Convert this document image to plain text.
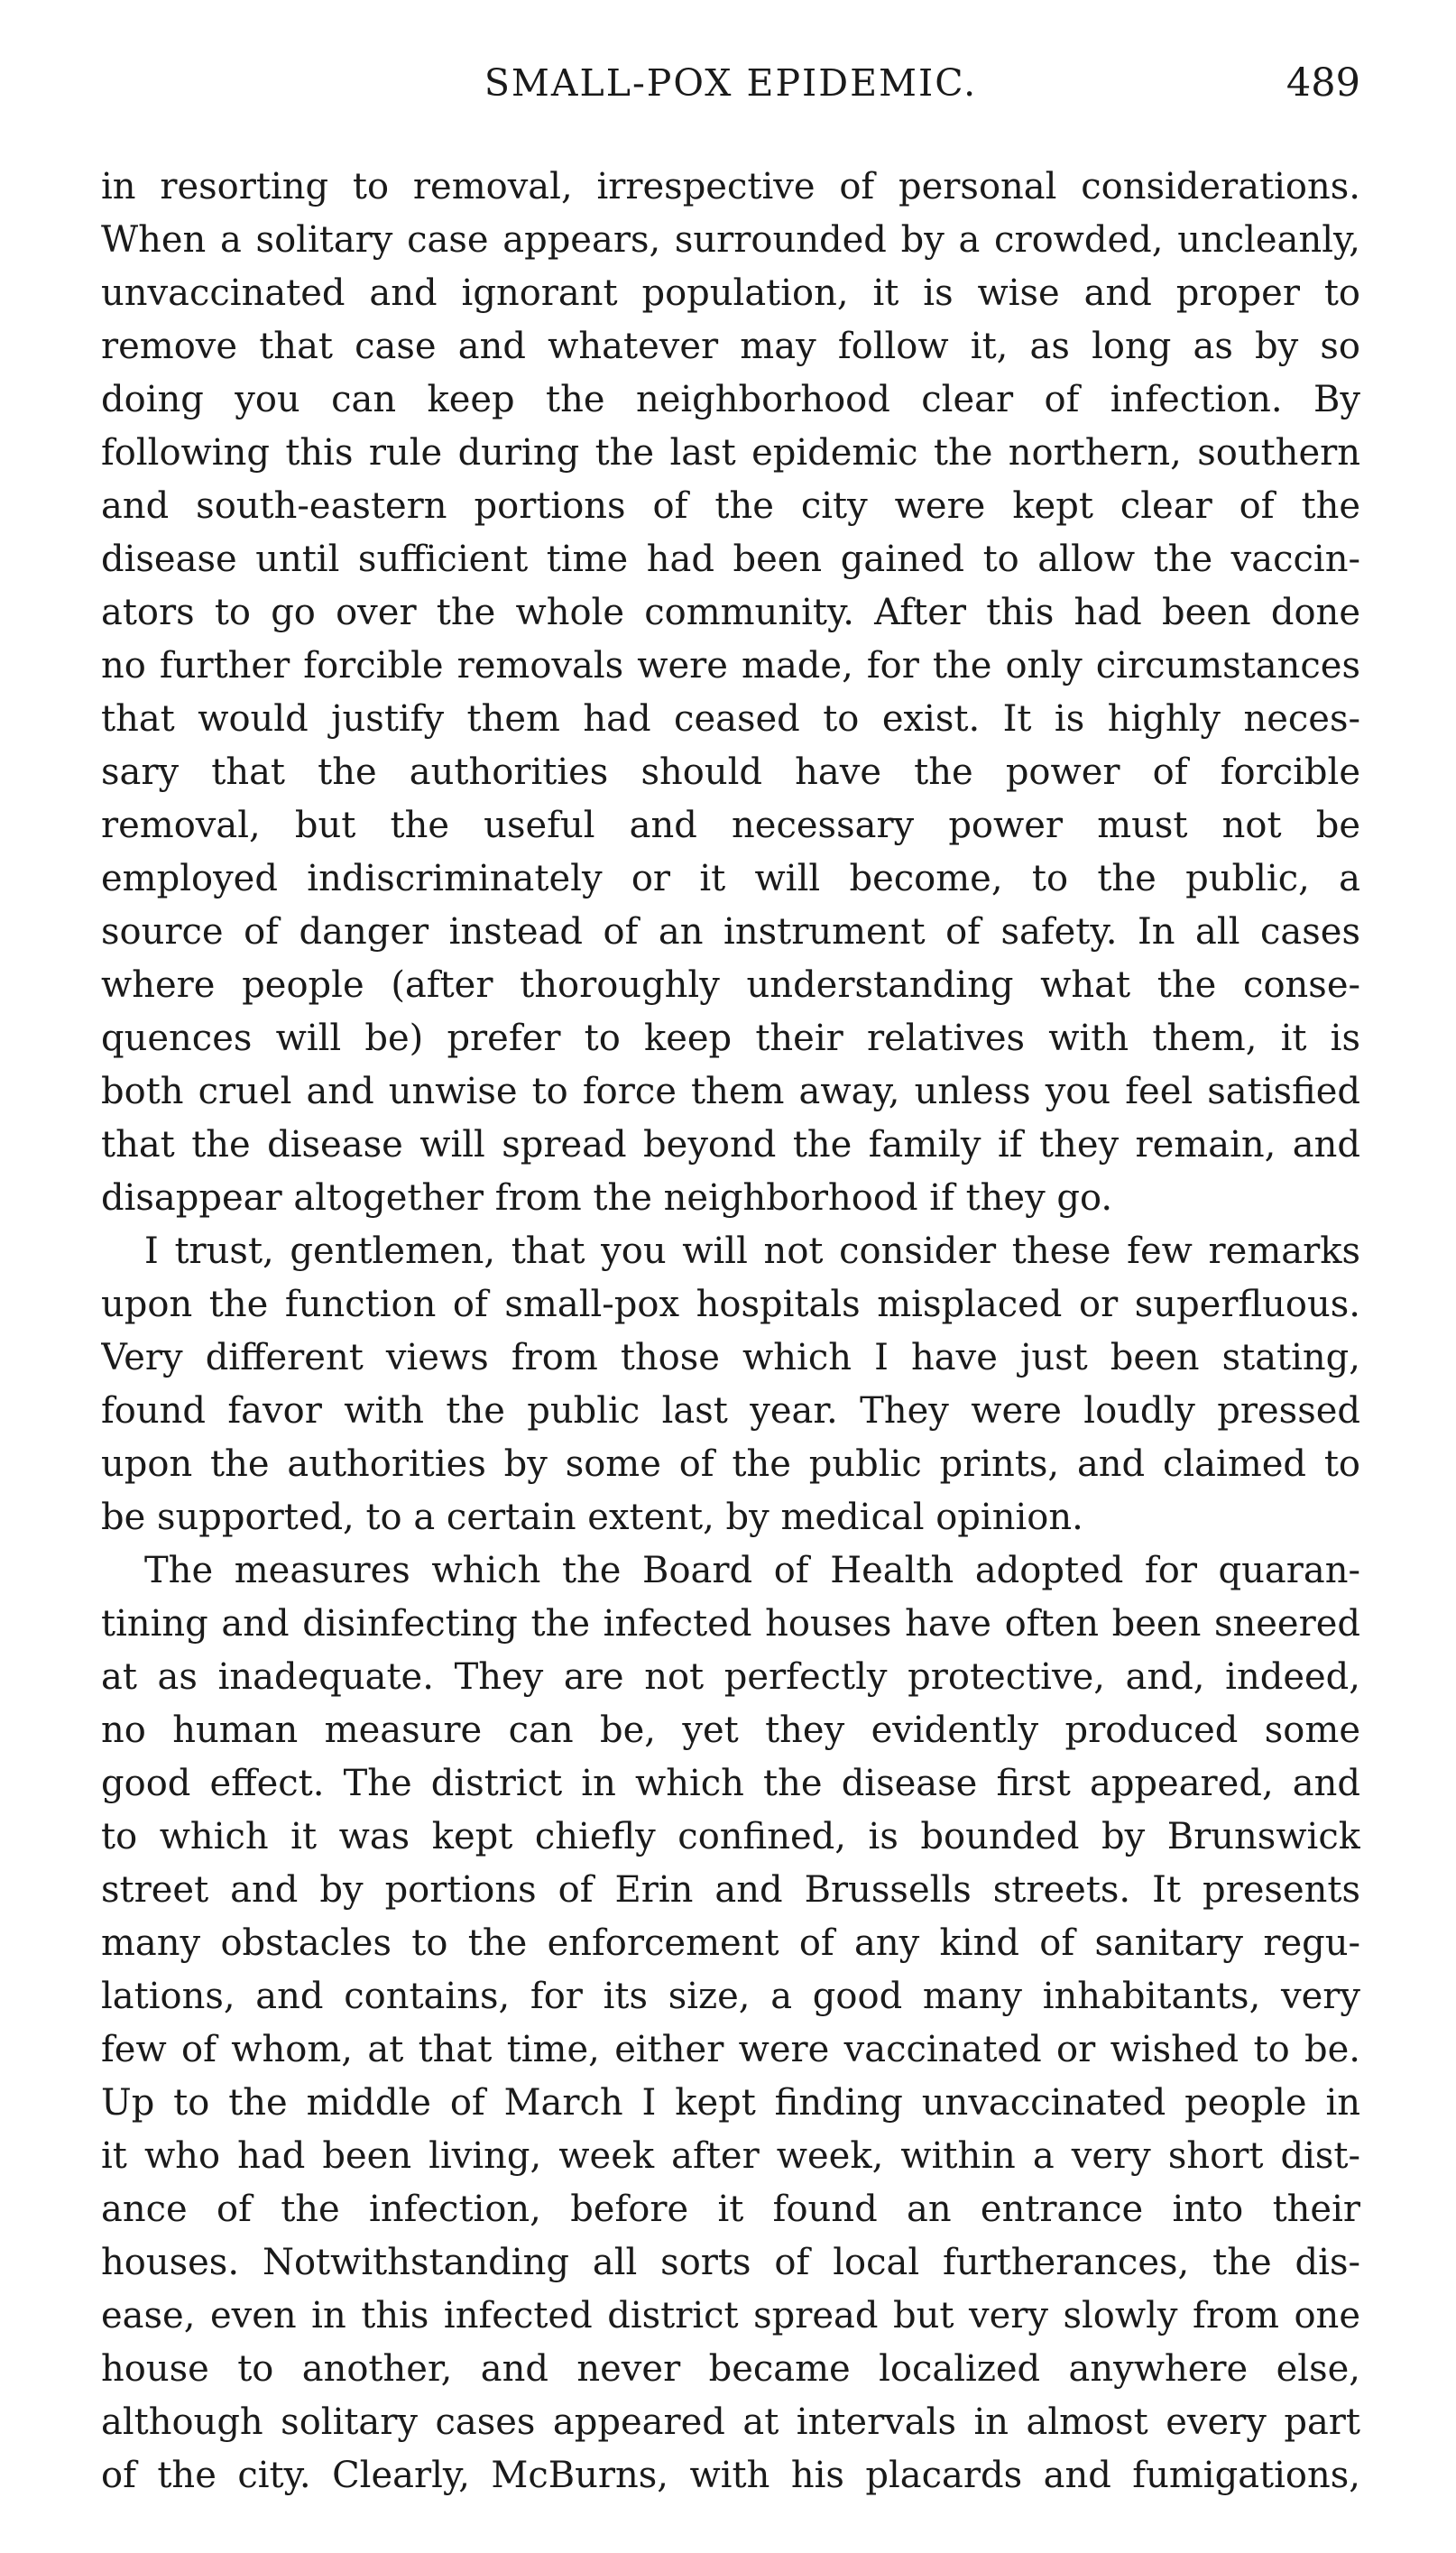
SMALL-POX EPIDEMIC.	489
in resorting to removal, irrespective of personal considerations.
When a solitary case appears, surrounded by a crowded, uncleanly,
unvaccinated and ignorant population, it is wise and proper to
remove that case and whatever may follow it, as long as by so
doing you can keep the neighborhood clear of infection. By
following this rule during the last epidemic the northern, southern
and south-eastern portions of the city were kept clear of the
disease until sufficient time had been gained to allow the vaccin-
ators to go over the whole community. After this had been done
no further forcible removals were made, for the only circumstances
that would justify them had ceased to exist. It is highly neces-
sary that the authorities should have the power of forcible
removal, but the useful and necessary power must not be
employed indiscriminately or it will become, to the public, a
source of danger instead of an instrument of safety. In all cases
where people (after thoroughly understanding what the conse-
quences will be) prefer to keep their relatives with them, it is
both cruel and unwise to force them away, unless you feel satisfied
that the disease will spread beyond the family if they remain, and
disappear altogether from the neighborhood if they go.
I trust, gentlemen, that you will not consider these few remarks
upon the function of small-pox hospitals misplaced or superfluous.
Very different views from those which I have just been stating,
found favor with the public last year. They were loudly pressed
upon the authorities by some of the public prints, and claimed to
be supported, to a certain extent, by medical opinion.
The measures which the Board of Health adopted for quaran-
tining and disinfecting the infected houses have often been sneered
at as inadequate. They are not perfectly protective, and, indeed,
no human measure can be, yet they evidently produced some
good effect. The district in which the disease first appeared, and
to which it was kept chiefly confined, is bounded by Brunswick
street and by portions of Erin and Brussells streets. It presents
many obstacles to the enforcement of any kind of sanitary regu-
lations, and contains, for its size, a good many inhabitants, very
few of whom, at that time, either were vaccinated or wished to be.
Up to the middle of March I kept finding unvaccinated people in
it who had been living, week after week, within a very short dist-
ance of the infection, before it found an entrance into their
houses. Notwithstanding all sorts of local furtherances, the dis-
ease, even in this infected district spread but very slowly from one
house to another, and never became localized anywhere else,
although solitary cases appeared at intervals in almost every part
of the city. Clearly, McBurns, with his placards and fumigations,
